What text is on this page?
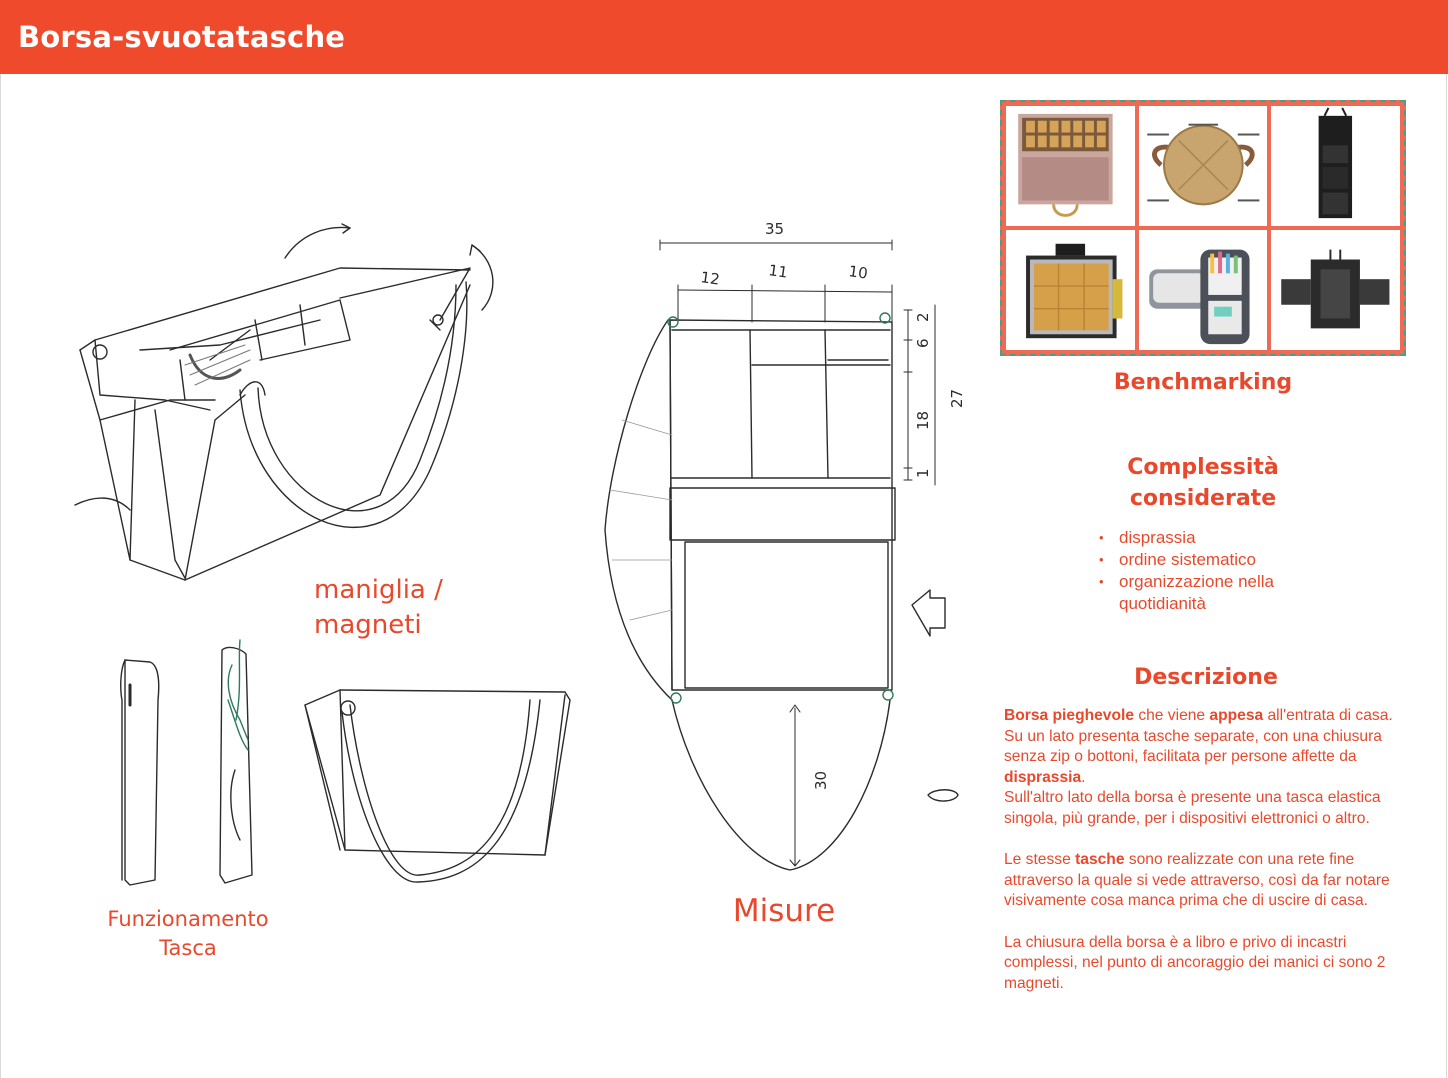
Borsa-svuotatasche
35
12	11	10
6
2
18
1
27
30
maniglia /
magneti
Funzionamento
Tasca
Misure
Benchmarking
Complessità
considerate
• disprassia
• ordine sistematico
• organizzazione nella quotidianità
Descrizione

Borsa pieghevole che viene appesa all'entrata di casa. Su un lato presenta tasche separate, con una chiusura senza zip o bottoni, facilitata per persone affette da disprassia.
Sull'altro lato della borsa è presente una tasca elastica singola, più grande, per i dispositivi elettronici o altro.

Le stesse tasche sono realizzate con una rete fine attraverso la quale si vede attraverso, così da far notare visivamente cosa manca prima che di uscire di casa.

La chiusura della borsa è a libro e privo di incastri complessi, nel punto di ancoraggio dei manici ci sono 2 magneti.
